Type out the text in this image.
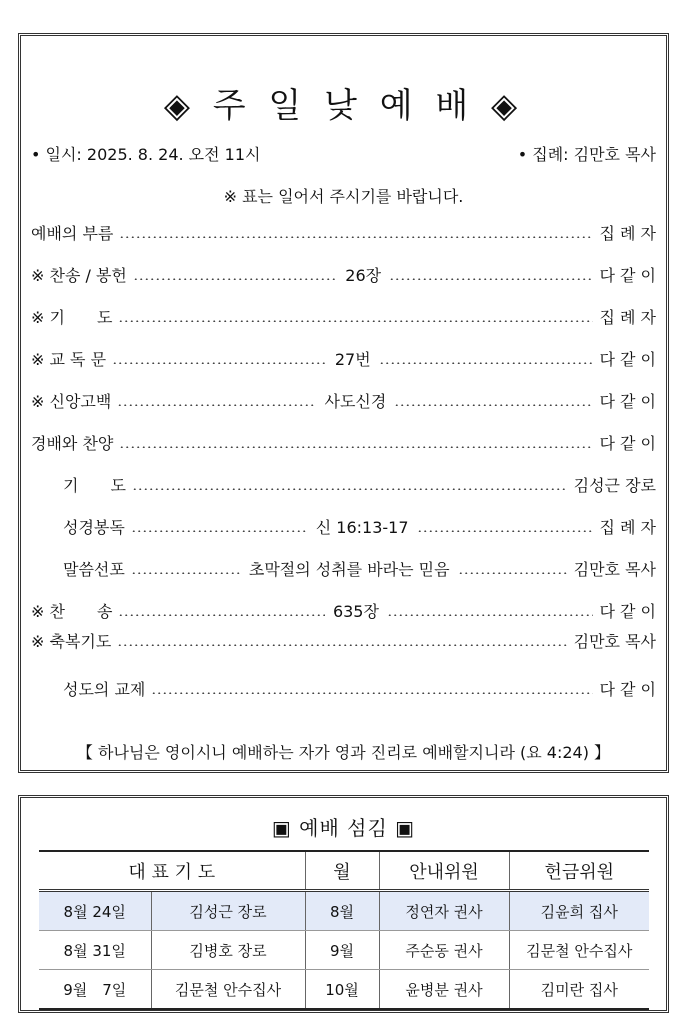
◈ 주 일 낮 예 배 ◈
• 일시: 2025. 8. 24. 오전 11시	• 집례: 김만호 목사
※ 표는 일어서 주시기를 바랍니다.
예배의 부름	집 례 자
※ 찬송 / 봉헌	26장	다 같 이
※ 기　　도	집 례 자
※ 교 독 문	27번	다 같 이
※ 신앙고백	사도신경	다 같 이
경배와 찬양	다 같 이
기　　도	김성근 장로
성경봉독	신 16:13-17	집 례 자
말씀선포	초막절의 성취를 바라는 믿음	김만호 목사
※ 찬　　송	635장	다 같 이
※ 축복기도	김만호 목사
성도의 교제	다 같 이
【 하나님은 영이시니 예배하는 자가 영과 진리로 예배할지니라 (요 4:24) 】
▣ 예배 섬김 ▣
대 표 기 도		월	안내위원	헌금위원
8월 24일	김성근 장로	8월	정연자 권사	김윤희 집사
8월 31일	김병호 장로	9월	주순동 권사	김문철 안수집사
9월　7일	김문철 안수집사	10월	윤병분 권사	김미란 집사
